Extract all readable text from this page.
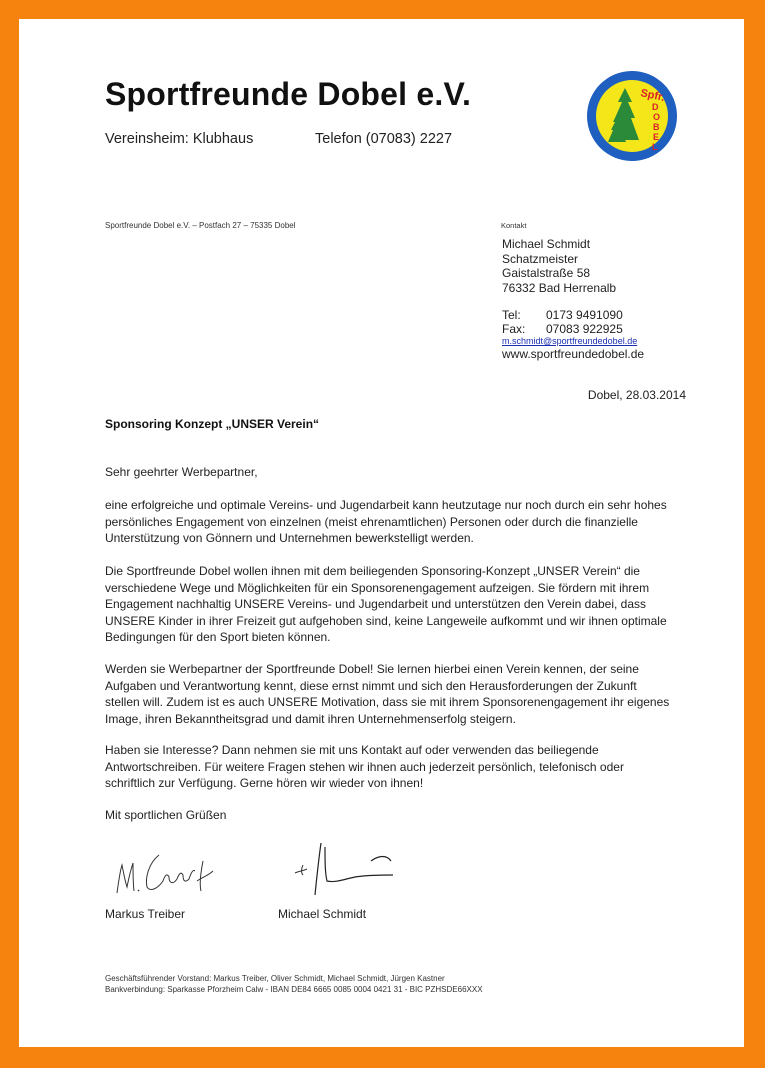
Sportfreunde Dobel e.V.
Vereinsheim: Klubhaus	Telefon (07083) 2227
Spfr.
D
O
B
E
L
Sportfreunde Dobel e.V. – Postfach 27 – 75335 Dobel	Kontakt
Michael Schmidt
Schatzmeister
Gaistalstraße 58
76332 Bad Herrenalb
Tel: 0173 9491090
Fax: 07083 922925
m.schmidt@sportfreundedobel.de
www.sportfreundedobel.de
Dobel, 28.03.2014
Sponsoring Konzept „UNSER Verein“
Sehr geehrter Werbepartner,
eine erfolgreiche und optimale Vereins- und Jugendarbeit kann heutzutage nur noch durch ein sehr hohes
persönliches Engagement von einzelnen (meist ehrenamtlichen) Personen oder durch die finanzielle
Unterstützung von Gönnern und Unternehmen bewerkstelligt werden.
Die Sportfreunde Dobel wollen ihnen mit dem beiliegenden Sponsoring-Konzept „UNSER Verein“ die
verschiedene Wege und Möglichkeiten für ein Sponsorenengagement aufzeigen. Sie fördern mit ihrem
Engagement nachhaltig UNSERE Vereins- und Jugendarbeit und unterstützen den Verein dabei, dass
UNSERE Kinder in ihrer Freizeit gut aufgehoben sind, keine Langeweile aufkommt und wir ihnen optimale
Bedingungen für den Sport bieten können.
Werden sie Werbepartner der Sportfreunde Dobel! Sie lernen hierbei einen Verein kennen, der seine
Aufgaben und Verantwortung kennt, diese ernst nimmt und sich den Herausforderungen der Zukunft
stellen will. Zudem ist es auch UNSERE Motivation, dass sie mit ihrem Sponsorenengagement ihr eigenes
Image, ihren Bekanntheitsgrad und damit ihren Unternehmenserfolg steigern.
Haben sie Interesse? Dann nehmen sie mit uns Kontakt auf oder verwenden das beiliegende
Antwortschreiben. Für weitere Fragen stehen wir ihnen auch jederzeit persönlich, telefonisch oder
schriftlich zur Verfügung. Gerne hören wir wieder von ihnen!
Mit sportlichen Grüßen
Markus Treiber	Michael Schmidt
Geschäftsführender Vorstand: Markus Treiber, Oliver Schmidt, Michael Schmidt, Jürgen Kastner
Bankverbindung: Sparkasse Pforzheim Calw - IBAN DE84 6665 0085 0004 0421 31 - BIC PZHSDE66XXX
